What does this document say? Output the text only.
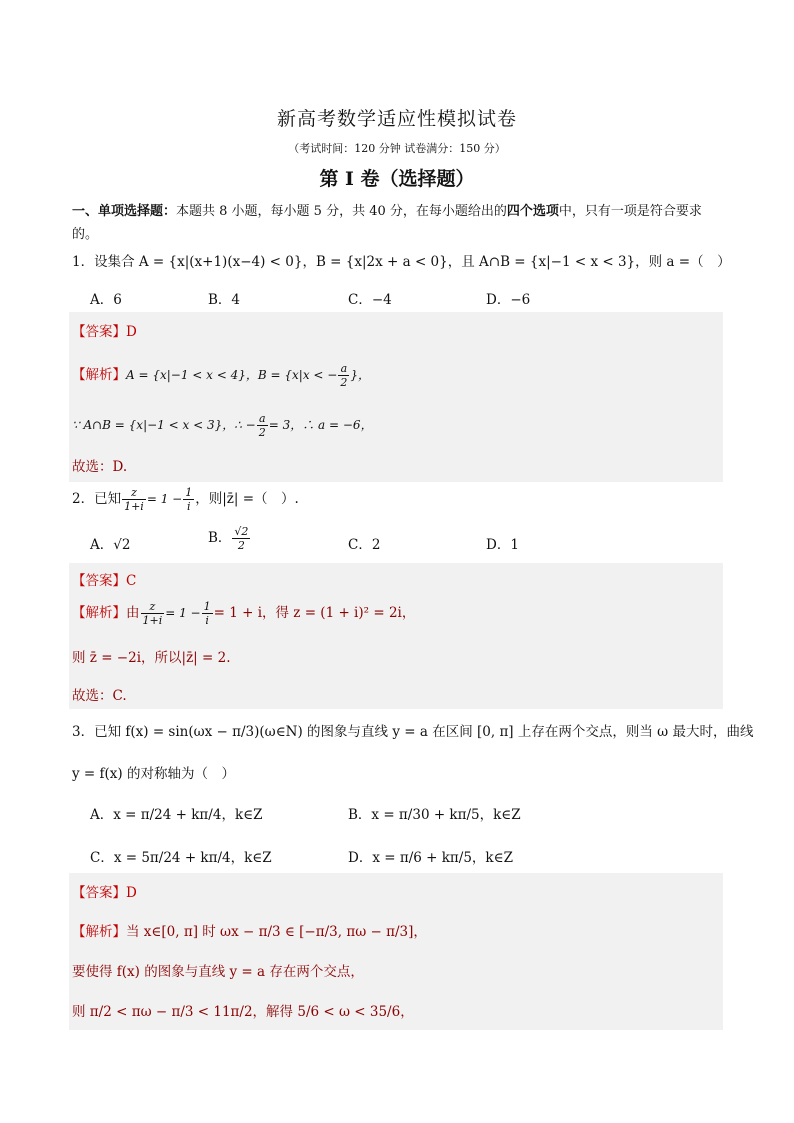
新高考数学适应性模拟试卷
（考试时间：120 分钟 试卷满分：150 分）
第 I 卷（选择题）
一、单项选择题：本题共 8 小题，每小题 5 分，共 40 分，在每小题给出的四个选项中，只有一项是符合要求的。
1．设集合 A = {x|(x+1)(x−4) < 0}，B = {x|2x + a < 0}，且 A∩B = {x|−1 < x < 3}，则 a =（　）
A．6	B．4	C．−4	D．−6
【答案】D
【解析】A = {x|−1 < x < 4}，B = {x|x < − $\frac{a}{2}$ }，
∵ A∩B = {x|−1 < x < 3}，∴ − $\frac{a}{2} = 3$，∴ a = −6，
故选：D.
2．已知 $\frac{z}{1+i} = 1 - \frac{1}{i}$ ，则|z̄| =（　）.
A．√2	B． $\frac{√2}{2}$	C．2	D．1
【答案】C
【解析】由 $\frac{z}{1+i} = 1 - \frac{1}{i} = 1 + i$，得 z = (1 + i)² = 2i，
则 z̄ = −2i，所以|z̄| = 2.
故选：C.
3．已知 f(x) = sin(ωx − π/3)(ω∈N) 的图象与直线 y = a 在区间 [0, π] 上存在两个交点，则当 ω 最大时，曲线
y = f(x) 的对称轴为（　）
A．x = π/24 + kπ/4，k∈Z	B．x = π/30 + kπ/5，k∈Z
C．x = 5π/24 + kπ/4，k∈Z	D．x = π/6 + kπ/5，k∈Z
【答案】D
【解析】当 x∈[0, π] 时 ωx − π/3 ∈ [−π/3, πω − π/3]，
要使得 f(x) 的图象与直线 y = a 存在两个交点，
则 π/2 < πω − π/3 < 11π/2，解得 5/6 < ω < 35/6，
